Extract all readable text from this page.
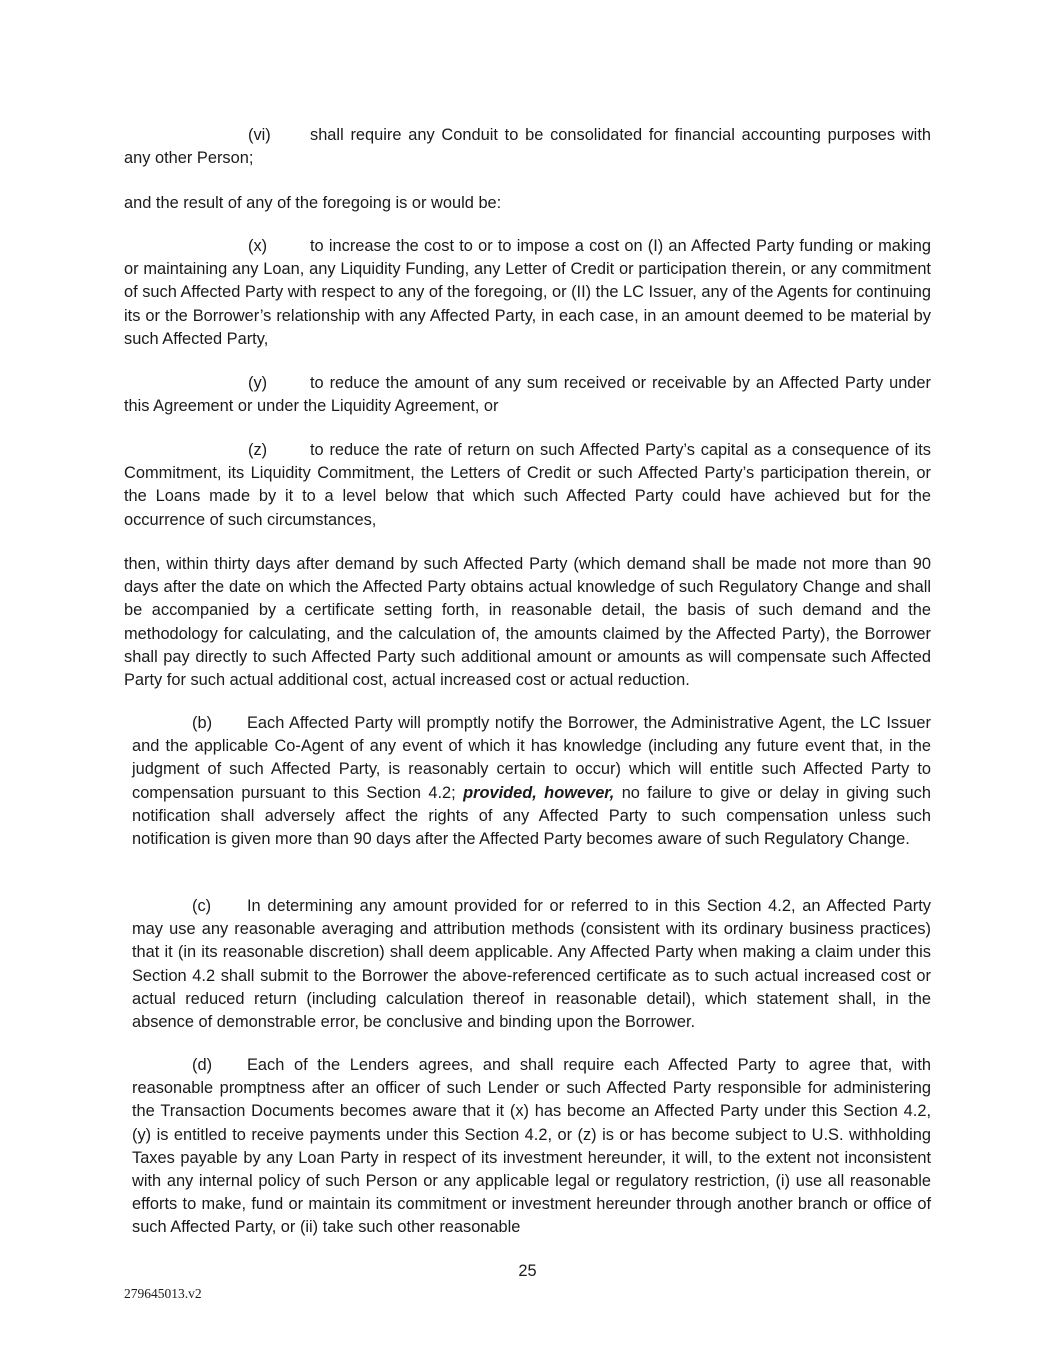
(vi) shall require any Conduit to be consolidated for financial accounting purposes with any other Person;

and the result of any of the foregoing is or would be:

(x)	to increase the cost to or to impose a cost on (I) an Affected Party funding or making or maintaining any Loan, any Liquidity Funding, any Letter of Credit or participation therein, or any commitment of such Affected Party with respect to any of the foregoing, or (II) the LC Issuer, any of the Agents for continuing its or the Borrower’s relationship with any Affected Party, in each case, in an amount deemed to be material by such Affected Party,

(y)	to reduce the amount of any sum received or receivable by an Affected Party under this Agreement or under the Liquidity Agreement, or

(z)	to reduce the rate of return on such Affected Party’s capital as a consequence of its Commitment, its Liquidity Commitment, the Letters of Credit or such Affected Party’s participation therein, or the Loans made by it to a level below that which such Affected Party could have achieved but for the occurrence of such circumstances,

then, within thirty days after demand by such Affected Party (which demand shall be made not more than 90 days after the date on which the Affected Party obtains actual knowledge of such Regulatory Change and shall be accompanied by a certificate setting forth, in reasonable detail, the basis of such demand and the methodology for calculating, and the calculation of, the amounts claimed by the Affected Party), the Borrower shall pay directly to such Affected Party such additional amount or amounts as will compensate such Affected Party for such actual additional cost, actual increased cost or actual reduction.

(b) Each Affected Party will promptly notify the Borrower, the Administrative Agent, the LC Issuer and the applicable Co-Agent of any event of which it has knowledge (including any future event that, in the judgment of such Affected Party, is reasonably certain to occur) which will entitle such Affected Party to compensation pursuant to this Section 4.2; provided, however, no failure to give or delay in giving such notification shall adversely affect the rights of any Affected Party to such compensation unless such notification is given more than 90 days after the Affected Party becomes aware of such Regulatory Change.

(c) In determining any amount provided for or referred to in this Section 4.2, an Affected Party may use any reasonable averaging and attribution methods (consistent with its ordinary business practices) that it (in its reasonable discretion) shall deem applicable. Any Affected Party when making a claim under this Section 4.2 shall submit to the Borrower the above-referenced certificate as to such actual increased cost or actual reduced return (including calculation thereof in reasonable detail), which statement shall, in the absence of demonstrable error, be conclusive and binding upon the Borrower.

(d) Each of the Lenders agrees, and shall require each Affected Party to agree that, with reasonable promptness after an officer of such Lender or such Affected Party responsible for administering the Transaction Documents becomes aware that it (x) has become an Affected Party under this Section 4.2, (y) is entitled to receive payments under this Section 4.2, or (z) is or has become subject to U.S. withholding Taxes payable by any Loan Party in respect of its investment hereunder, it will, to the extent not inconsistent with any internal policy of such Person or any applicable legal or regulatory restriction, (i) use all reasonable efforts to make, fund or maintain its commitment or investment hereunder through another branch or office of such Affected Party, or (ii) take such other reasonable

25
279645013.v2
